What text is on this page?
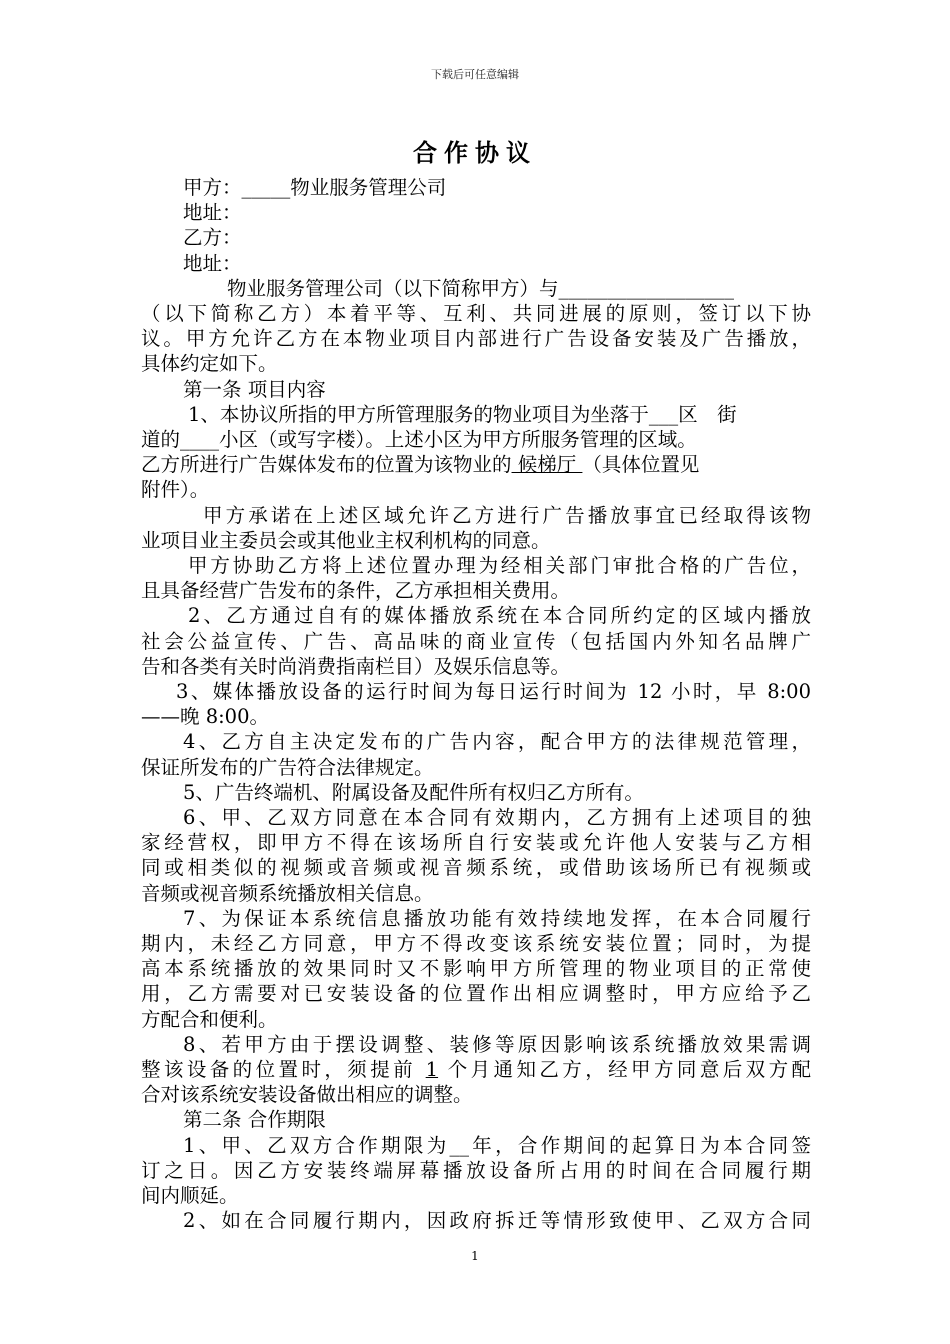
下载后可任意编辑
合作协议
甲方：_____物业服务管理公司
地址：
乙方：
地址：
物业服务管理公司（以下简称甲方）与__________________
（以下简称乙方）本着平等、互利、共同进展的原则，签订以下协
议。甲方允许乙方在本物业项目内部进行广告设备安装及广告播放，
具体约定如下。
第一条 项目内容
1、本协议所指的甲方所管理服务的物业项目为坐落于___区　街
道的____小区（或写字楼）。上述小区为甲方所服务管理的区域。
乙方所进行广告媒体发布的位置为该物业的 候梯厅 （具体位置见
附件）。
甲方承诺在上述区域允许乙方进行广告播放事宜已经取得该物
业项目业主委员会或其他业主权利机构的同意。
甲方协助乙方将上述位置办理为经相关部门审批合格的广告位，
且具备经营广告发布的条件，乙方承担相关费用。
2、乙方通过自有的媒体播放系统在本合同所约定的区域内播放
社会公益宣传、广告、高品味的商业宣传（包括国内外知名品牌广
告和各类有关时尚消费指南栏目）及娱乐信息等。
3、媒体播放设备的运行时间为每日运行时间为 12 小时，早 8:00
——晚 8:00。
4、乙方自主决定发布的广告内容，配合甲方的法律规范管理，
保证所发布的广告符合法律规定。
5、广告终端机、附属设备及配件所有权归乙方所有。
6、甲、乙双方同意在本合同有效期内，乙方拥有上述项目的独
家经营权，即甲方不得在该场所自行安装或允许他人安装与乙方相
同或相类似的视频或音频或视音频系统，或借助该场所已有视频或
音频或视音频系统播放相关信息。
7、为保证本系统信息播放功能有效持续地发挥，在本合同履行
期内，未经乙方同意，甲方不得改变该系统安装位置；同时，为提
高本系统播放的效果同时又不影响甲方所管理的物业项目的正常使
用，乙方需要对已安装设备的位置作出相应调整时，甲方应给予乙
方配合和便利。
8、若甲方由于摆设调整、装修等原因影响该系统播放效果需调
整该设备的位置时，须提前 1 个月通知乙方，经甲方同意后双方配
合对该系统安装设备做出相应的调整。
第二条 合作期限
1、甲、乙双方合作期限为__年，合作期间的起算日为本合同签
订之日。因乙方安装终端屏幕播放设备所占用的时间在合同履行期
间内顺延。
2、如在合同履行期内，因政府拆迁等情形致使甲、乙双方合同
1
